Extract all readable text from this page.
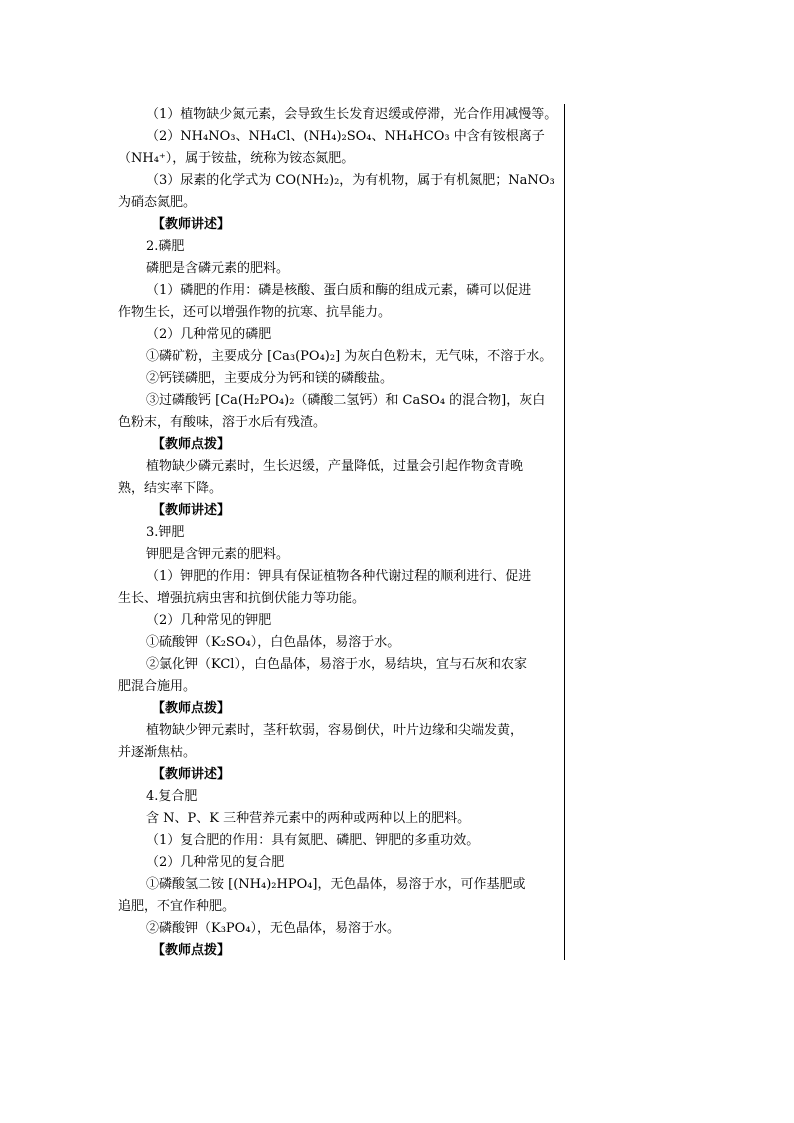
（1）植物缺少氮元素，会导致生长发育迟缓或停滞，光合作用减慢等。
（2）NH₄NO₃、NH₄Cl、(NH₄)₂SO₄、NH₄HCO₃ 中含有铵根离子
（NH₄⁺），属于铵盐，统称为铵态氮肥。
（3）尿素的化学式为 CO(NH₂)₂，为有机物，属于有机氮肥；NaNO₃
为硝态氮肥。
【教师讲述】
2.磷肥
磷肥是含磷元素的肥料。
（1）磷肥的作用：磷是核酸、蛋白质和酶的组成元素，磷可以促进
作物生长，还可以增强作物的抗寒、抗旱能力。
（2）几种常见的磷肥
①磷矿粉，主要成分 [Ca₃(PO₄)₂] 为灰白色粉末，无气味，不溶于水。
②钙镁磷肥，主要成分为钙和镁的磷酸盐。
③过磷酸钙 [Ca(H₂PO₄)₂（磷酸二氢钙）和 CaSO₄ 的混合物]，灰白
色粉末，有酸味，溶于水后有残渣。
【教师点拨】
植物缺少磷元素时，生长迟缓，产量降低，过量会引起作物贪青晚
熟，结实率下降。
【教师讲述】
3.钾肥
钾肥是含钾元素的肥料。
（1）钾肥的作用：钾具有保证植物各种代谢过程的顺利进行、促进
生长、增强抗病虫害和抗倒伏能力等功能。
（2）几种常见的钾肥
①硫酸钾（K₂SO₄），白色晶体，易溶于水。
②氯化钾（KCl），白色晶体，易溶于水，易结块，宜与石灰和农家
肥混合施用。
【教师点拨】
植物缺少钾元素时，茎秆软弱，容易倒伏，叶片边缘和尖端发黄，
并逐渐焦枯。
【教师讲述】
4.复合肥
含 N、P、K 三种营养元素中的两种或两种以上的肥料。
（1）复合肥的作用：具有氮肥、磷肥、钾肥的多重功效。
（2）几种常见的复合肥
①磷酸氢二铵 [(NH₄)₂HPO₄]，无色晶体，易溶于水，可作基肥或
追肥，不宜作种肥。
②磷酸钾（K₃PO₄），无色晶体，易溶于水。
【教师点拨】
